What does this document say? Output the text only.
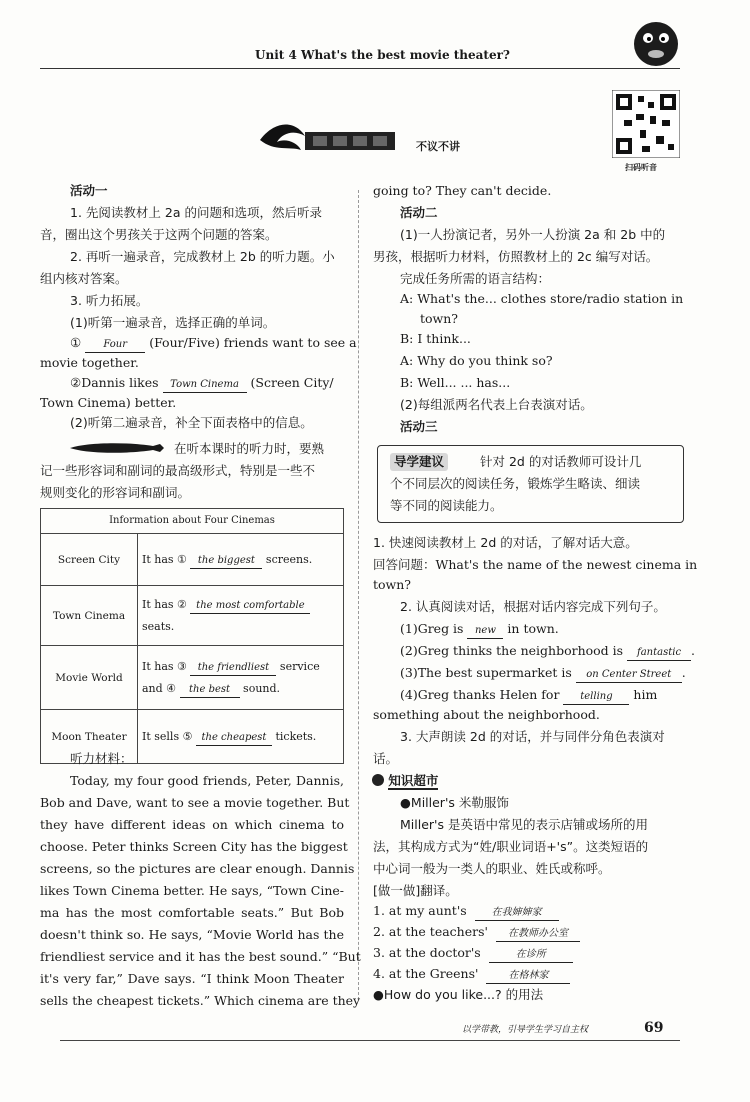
Unit 4 What's the best movie theater?
不议不讲
扫码听音
活动一
1. 先阅读教材上 2a 的问题和选项，然后听录
音，圈出这个男孩关于这两个问题的答案。
2. 再听一遍录音，完成教材上 2b 的听力题。小
组内核对答案。
3. 听力拓展。
(1)听第一遍录音，选择正确的单词。
① Four (Four/Five) friends want to see a
movie together.
②Dannis likes Town Cinema (Screen City/
Town Cinema) better.
(2)听第二遍录音，补全下面表格中的信息。
在听本课时的听力时，要熟
记一些形容词和副词的最高级形式，特别是一些不
规则变化的形容词和副词。
Information about Four Cinemas	
Screen City	It has ① the biggest screens.
Town Cinema	It has ② the most comfortable
seats.
Movie World	It has ③ the friendliest service
and ④ the best sound.
Moon Theater	It sells ⑤ the cheapest tickets.
听力材料：
Today, my four good friends, Peter, Dannis,
Bob and Dave, want to see a movie together. But
they have different ideas on which cinema to
choose. Peter thinks Screen City has the biggest
screens, so the pictures are clear enough. Dannis
likes Town Cinema better. He says, “Town Cine-
ma has the most comfortable seats.” But Bob
doesn't think so. He says, “Movie World has the
friendliest service and it has the best sound.” “But
it's very far,” Dave says. “I think Moon Theater
sells the cheapest tickets.” Which cinema are they
going to? They can't decide.
活动二
(1)一人扮演记者，另外一人扮演 2a 和 2b 中的
男孩，根据听力材料，仿照教材上的 2c 编写对话。
完成任务所需的语言结构：
A: What's the... clothes store/radio station in
town?
B: I think...
A: Why do you think so?
B: Well... ... has...
(2)每组派两名代表上台表演对话。
活动三
导学建议	针对 2d 的对话教师可设计几
个不同层次的阅读任务，锻炼学生略读、细读
等不同的阅读能力。
1. 快速阅读教材上 2d 的对话，了解对话大意。
回答问题：What's the name of the newest cinema in
town?
2. 认真阅读对话，根据对话内容完成下列句子。
(1)Greg is new in town.
(2)Greg thinks the neighborhood is fantastic .
(3)The best supermarket is on Center Street .
(4)Greg thanks Helen for telling him
something about the neighborhood.
3. 大声朗读 2d 的对话，并与同伴分角色表演对
话。
知识超市
●Miller's 米勒服饰
Miller's 是英语中常见的表示店铺或场所的用
法，其构成方式为“姓/职业词语+'s”。这类短语的
中心词一般为一类人的职业、姓氏或称呼。
[做一做]翻译。
1. at my aunt's	在我婶婶家
2. at the teachers' 在教师办公室
3. at the doctor's	在诊所
4. at the Greens'	在格林家
●How do you like...? 的用法
以学带教，引导学生学习自主权	69
